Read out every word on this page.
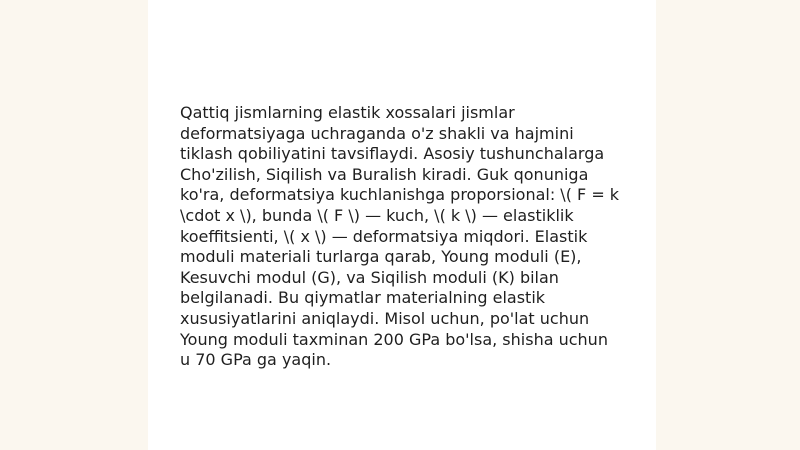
Qattiq jismlarning elastik xossalari jismlar
deformatsiyaga uchraganda o'z shakli va hajmini
tiklash qobiliyatini tavsiflaydi. Asosiy tushunchalarga
Cho'zilish, Siqilish va Buralish kiradi. Guk qonuniga
ko'ra, deformatsiya kuchlanishga proporsional: \( F = k
\cdot x \), bunda \( F \) — kuch, \( k \) — elastiklik
koeffitsienti, \( x \) — deformatsiya miqdori. Elastik
moduli materiali turlarga qarab, Young moduli (E),
Kesuvchi modul (G), va Siqilish moduli (K) bilan
belgilanadi. Bu qiymatlar materialning elastik
xususiyatlarini aniqlaydi. Misol uchun, po'lat uchun
Young moduli taxminan 200 GPa bo'lsa, shisha uchun
u 70 GPa ga yaqin.
